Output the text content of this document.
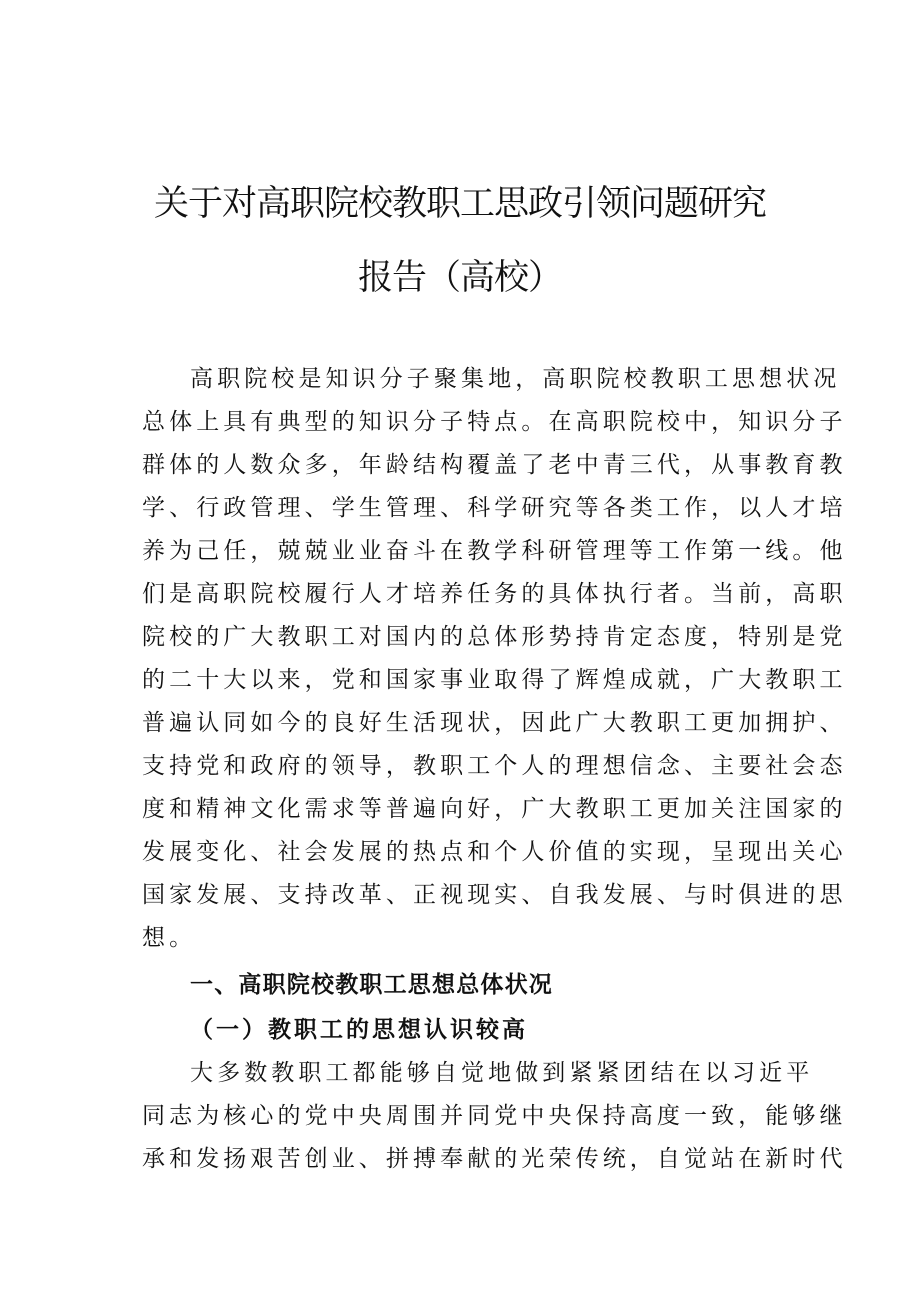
关于对高职院校教职工思政引领问题研究
报告（高校）
高职院校是知识分子聚集地，高职院校教职工思想状况
总体上具有典型的知识分子特点。在高职院校中，知识分子
群体的人数众多，年龄结构覆盖了老中青三代，从事教育教
学、行政管理、学生管理、科学研究等各类工作，以人才培
养为己任，兢兢业业奋斗在教学科研管理等工作第一线。他
们是高职院校履行人才培养任务的具体执行者。当前，高职
院校的广大教职工对国内的总体形势持肯定态度，特别是党
的二十大以来，党和国家事业取得了辉煌成就，广大教职工
普遍认同如今的良好生活现状，因此广大教职工更加拥护、
支持党和政府的领导，教职工个人的理想信念、主要社会态
度和精神文化需求等普遍向好，广大教职工更加关注国家的
发展变化、社会发展的热点和个人价值的实现，呈现出关心
国家发展、支持改革、正视现实、自我发展、与时俱进的思
想。
一、高职院校教职工思想总体状况
（一）教职工的思想认识较高
大多数教职工都能够自觉地做到紧紧团结在以习近平
同志为核心的党中央周围并同党中央保持高度一致，能够继
承和发扬艰苦创业、拼搏奉献的光荣传统，自觉站在新时代
